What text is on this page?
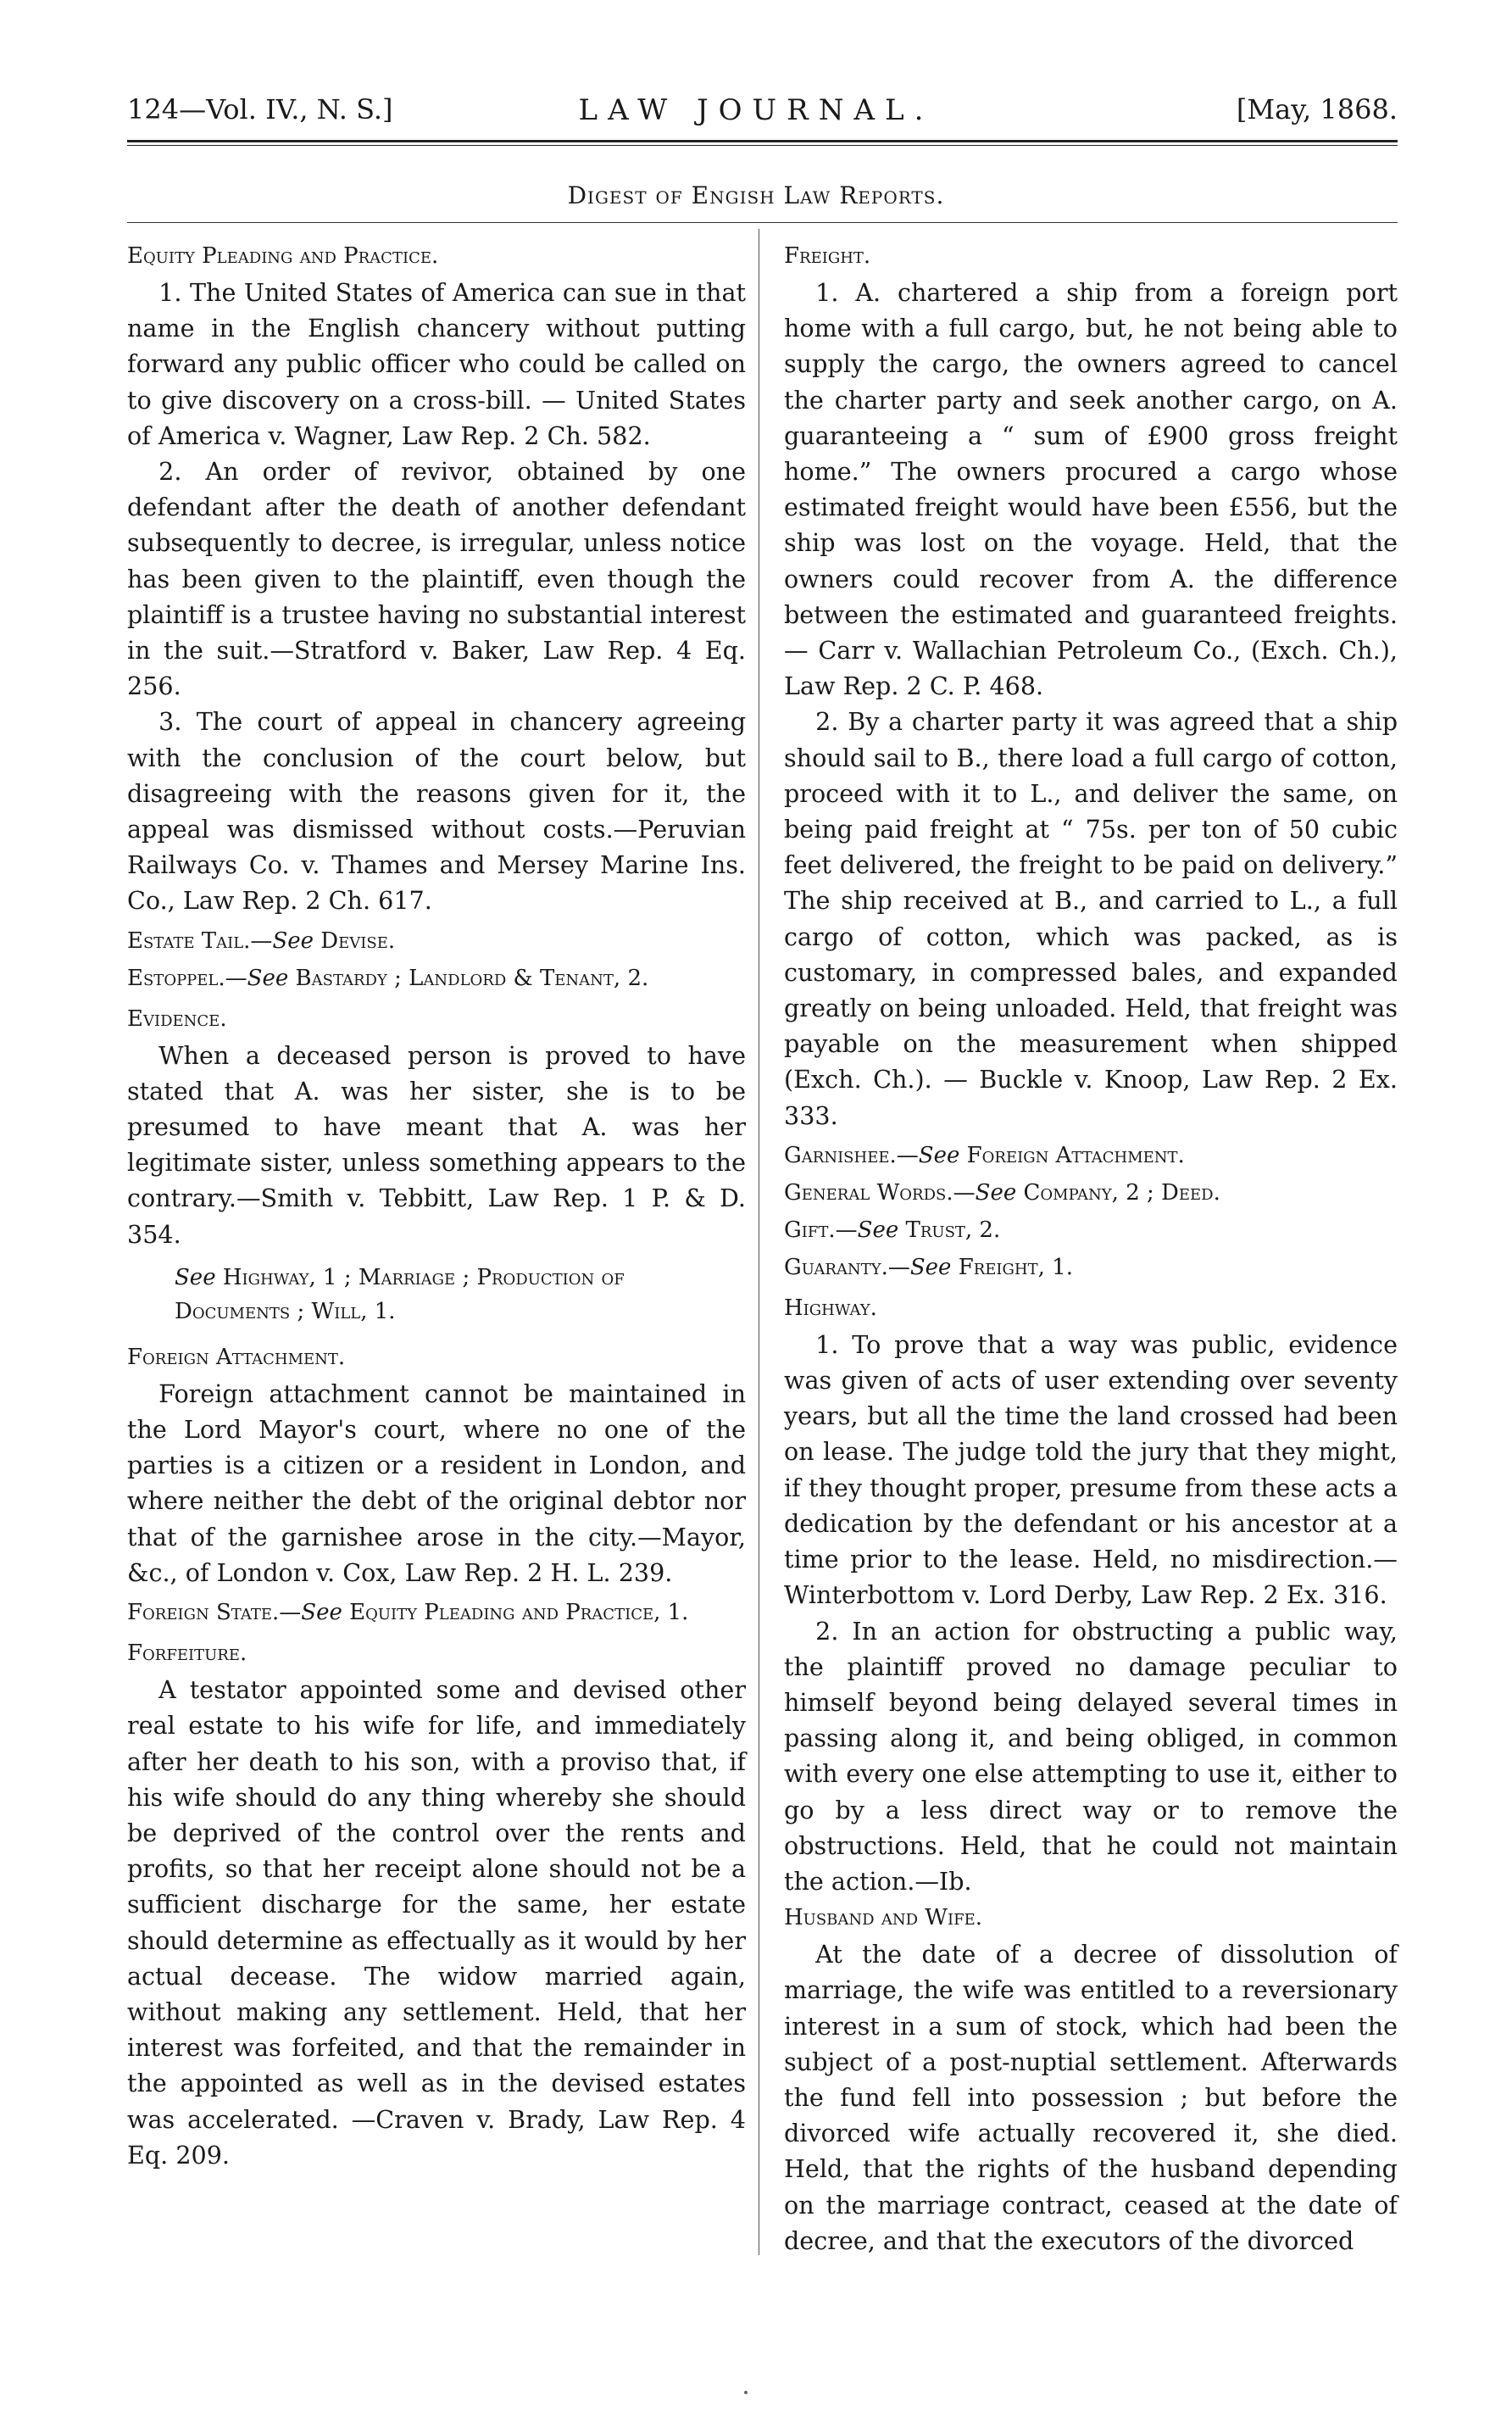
124—Vol. IV., N. S.]	LAW JOURNAL.	[May, 1868.
Digest of Engish Law Reports.
Equity Pleading and Practice.

1. The United States of America can sue in that name in the English chancery without putting forward any public officer who could be called on to give discovery on a cross-bill. — United States of America v. Wagner, Law Rep. 2 Ch. 582.

2. An order of revivor, obtained by one defendant after the death of another defendant subsequently to decree, is irregular, unless notice has been given to the plaintiff, even though the plaintiff is a trustee having no substantial interest in the suit.—Stratford v. Baker, Law Rep. 4 Eq. 256.

3. The court of appeal in chancery agreeing with the conclusion of the court below, but disagreeing with the reasons given for it, the appeal was dismissed without costs.—Peruvian Railways Co. v. Thames and Mersey Marine Ins. Co., Law Rep. 2 Ch. 617.

Estate Tail.—See Devise.
Estoppel.—See Bastardy ; Landlord & Tenant, 2.
Evidence.

When a deceased person is proved to have stated that A. was her sister, she is to be presumed to have meant that A. was her legitimate sister, unless something appears to the contrary.—Smith v. Tebbitt, Law Rep. 1 P. & D. 354.

See Highway, 1 ; Marriage ; Production of Documents ; Will, 1.
Foreign Attachment.

Foreign attachment cannot be maintained in the Lord Mayor's court, where no one of the parties is a citizen or a resident in London, and where neither the debt of the original debtor nor that of the garnishee arose in the city.—Mayor, &c., of London v. Cox, Law Rep. 2 H. L. 239.

Foreign State.—See Equity Pleading and Practice, 1.
Forfeiture.

A testator appointed some and devised other real estate to his wife for life, and immediately after her death to his son, with a proviso that, if his wife should do any thing whereby she should be deprived of the control over the rents and profits, so that her receipt alone should not be a sufficient discharge for the same, her estate should determine as effectually as it would by her actual decease. The widow married again, without making any settlement. Held, that her interest was forfeited, and that the remainder in the appointed as well as in the devised estates was accelerated. —Craven v. Brady, Law Rep. 4 Eq. 209.

Freight.

1. A. chartered a ship from a foreign port home with a full cargo, but, he not being able to supply the cargo, the owners agreed to cancel the charter party and seek another cargo, on A. guaranteeing a “ sum of £900 gross freight home.” The owners procured a cargo whose estimated freight would have been £556, but the ship was lost on the voyage. Held, that the owners could recover from A. the difference between the estimated and guaranteed freights. — Carr v. Wallachian Petroleum Co., (Exch. Ch.), Law Rep. 2 C. P. 468.

2. By a charter party it was agreed that a ship should sail to B., there load a full cargo of cotton, proceed with it to L., and deliver the same, on being paid freight at “ 75s. per ton of 50 cubic feet delivered, the freight to be paid on delivery.” The ship received at B., and carried to L., a full cargo of cotton, which was packed, as is customary, in compressed bales, and expanded greatly on being unloaded. Held, that freight was payable on the measurement when shipped (Exch. Ch.). — Buckle v. Knoop, Law Rep. 2 Ex. 333.

Garnishee.—See Foreign Attachment.
General Words.—See Company, 2 ; Deed.
Gift.—See Trust, 2.
Guaranty.—See Freight, 1.
Highway.

1. To prove that a way was public, evidence was given of acts of user extending over seventy years, but all the time the land crossed had been on lease. The judge told the jury that they might, if they thought proper, presume from these acts a dedication by the defendant or his ancestor at a time prior to the lease. Held, no misdirection.— Winterbottom v. Lord Derby, Law Rep. 2 Ex. 316.

2. In an action for obstructing a public way, the plaintiff proved no damage peculiar to himself beyond being delayed several times in passing along it, and being obliged, in common with every one else attempting to use it, either to go by a less direct way or to remove the obstructions. Held, that he could not maintain the action.—Ib.

Husband and Wife.

At the date of a decree of dissolution of marriage, the wife was entitled to a reversionary interest in a sum of stock, which had been the subject of a post-nuptial settlement. Afterwards the fund fell into possession ; but before the divorced wife actually recovered it, she died. Held, that the rights of the husband depending on the marriage contract, ceased at the date of decree, and that the executors of the divorced
